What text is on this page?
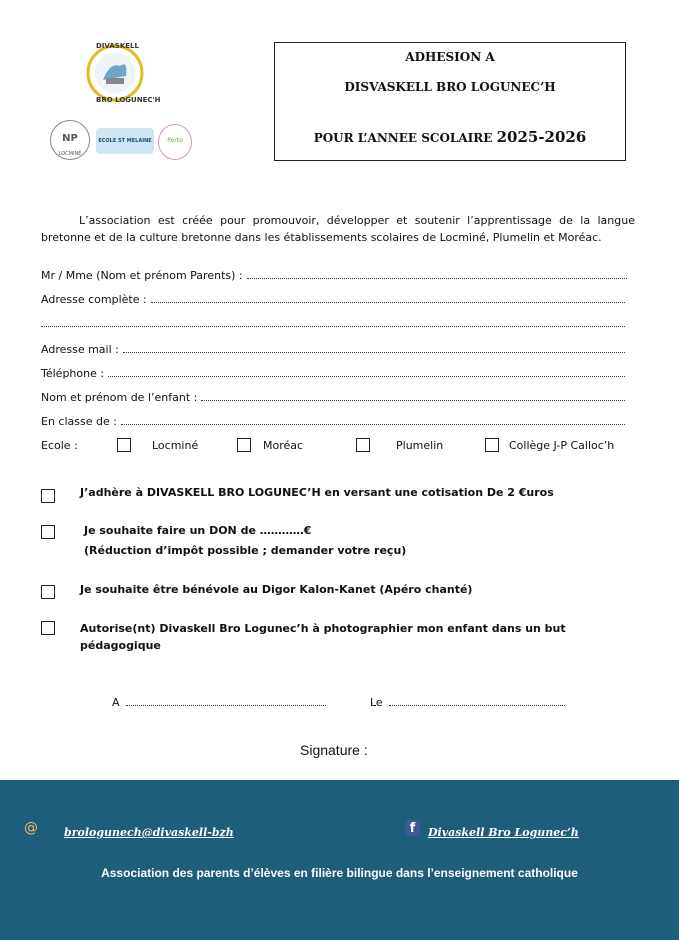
DIVASKELL
BRO LOGUNEC'H
NP
LOCMINÉ
ECOLE ST MELAINE	Porto
ADHESION A
DISVASKELL BRO LOGUNEC’H
POUR L’ANNEE SCOLAIRE 2025-2026
L’association est créée pour promouvoir, développer et soutenir l’apprentissage de la langue bretonne et de la culture bretonne dans les établissements scolaires de Locminé, Plumelin et Moréac.
Mr / Mme (Nom et prénom Parents) :
Adresse complète :
Adresse mail :
Téléphone :
Nom et prénom de l’enfant :
En classe de :
Ecole :	Locminé	Moréac	Plumelin	Collège J-P Calloc’h
J’adhère à DIVASKELL BRO LOGUNEC’H en versant une cotisation De 2 €uros
Je souhaite faire un DON de …………€
(Réduction d’impôt possible ; demander votre reçu)
Je souhaite être bénévole au Digor Kalon-Kanet (Apéro chanté)
Autorise(nt) Divaskell Bro Logunec’h à photographier mon enfant dans un but pédagogique
A	Le
Signature :
@ brologunech@divaskell-bzh	f	Divaskell Bro Logunec’h
Association des parents d’élèves en filière bilingue dans l’enseignement catholique
